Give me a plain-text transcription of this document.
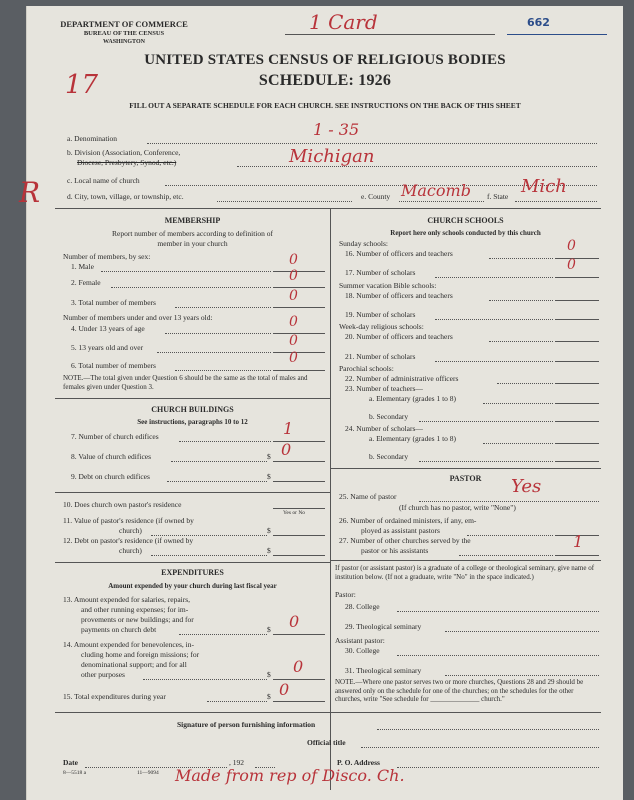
DEPARTMENT OF COMMERCE
BUREAU OF THE CENSUS
WASHINGTON
1 Card	662
UNITED STATES CENSUS OF RELIGIOUS BODIES
SCHEDULE: 1926
17
FILL OUT A SEPARATE SCHEDULE FOR EACH CHURCH. SEE INSTRUCTIONS ON THE BACK OF THIS SHEET
a. Denomination	1 - 35
b. Division (Association, Conference,
Diocese, Presbytery, Synod, etc.)	Michigan
c. Local name of church
d. City, town, village, or township, etc.	e. County Macomb f. State Mich
R
MEMBERSHIP
Report number of members according to definition of
member in your church
Number of members, by sex:
1. Male	0
2. Female	0
3. Total number of members	0
Number of members under and over 13 years old:
4. Under 13 years of age	0
5. 13 years old and over	0
6. Total number of members	0
NOTE.—The total given under Question 6 should be the same as the total of males and females given under Question 3.
CHURCH BUILDINGS
See instructions, paragraphs 10 to 12
7. Number of church edifices	1
8. Value of church edifices	$ 0
9. Debt on church edifices	$
10. Does church own pastor's residence
Yes or No
11. Value of pastor's residence (if owned by
church)	$
12. Debt on pastor's residence (if owned by
church)	$
EXPENDITURES
Amount expended by your church during last fiscal year
13. Amount expended for salaries, repairs,
and other running expenses; for im-
provements or new buildings; and for
payments on church debt	$ 0
14. Amount expended for benevolences, in-
cluding home and foreign missions; for
denominational support; and for all
other purposes	$ 0
15. Total expenditures during year	$ 0
CHURCH SCHOOLS
Report here only schools conducted by this church
Sunday schools:
16. Number of officers and teachers	0
17. Number of scholars	0
Summer vacation Bible schools:
18. Number of officers and teachers
19. Number of scholars
Week-day religious schools:
20. Number of officers and teachers
21. Number of scholars
Parochial schools:
22. Number of administrative officers
23. Number of teachers—
a. Elementary (grades 1 to 8)
b. Secondary
24. Number of scholars—
a. Elementary (grades 1 to 8)
b. Secondary
PASTOR
25. Name of pastor	Yes
(If church has no pastor, write "None")
26. Number of ordained ministers, if any, em-
ployed as assistant pastors
27. Number of other churches served by the
pastor or his assistants	1
If pastor (or assistant pastor) is a graduate of a college or theological seminary, give name of institution below. (If not a graduate, write "No" in the space indicated.)
Pastor:
28. College
29. Theological seminary
Assistant pastor:
30. College
31. Theological seminary
NOTE.—Where one pastor serves two or more churches, Questions 28 and 29 should be answered only on the schedule for one of the churches; on the schedules for the other churches, write "See schedule for ______________ church."
Signature of person furnishing information
Official title
Date	, 192	P. O. Address
8—5518 a	11—9094 Made from rep of Disco. Ch.
